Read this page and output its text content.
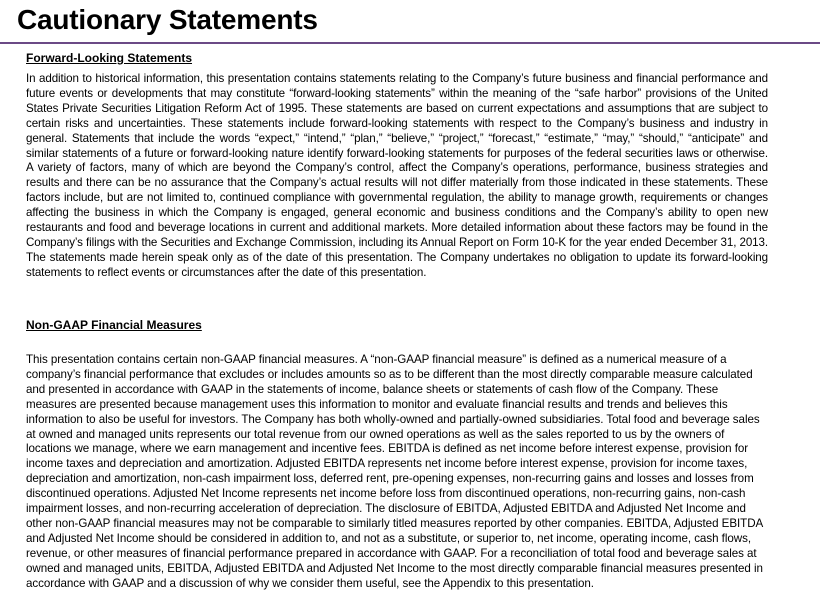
Cautionary Statements
Forward-Looking Statements

In addition to historical information, this presentation contains statements relating to the Company’s future business and financial performance and future events or developments that may constitute “forward-looking statements” within the meaning of the “safe harbor” provisions of the United States Private Securities Litigation Reform Act of 1995. These statements are based on current expectations and assumptions that are subject to certain risks and uncertainties. These statements include forward-looking statements with respect to the Company’s business and industry in general. Statements that include the words “expect,” “intend,” “plan,” “believe,” “project,” “forecast,” “estimate,” “may,” “should,” “anticipate” and similar statements of a future or forward-looking nature identify forward-looking statements for purposes of the federal securities laws or otherwise. A variety of factors, many of which are beyond the Company’s control, affect the Company’s operations, performance, business strategies and results and there can be no assurance that the Company’s actual results will not differ materially from those indicated in these statements. These factors include, but are not limited to, continued compliance with governmental regulation, the ability to manage growth, requirements or changes affecting the business in which the Company is engaged, general economic and business conditions and the Company’s ability to open new restaurants and food and beverage locations in current and additional markets. More detailed information about these factors may be found in the Company’s filings with the Securities and Exchange Commission, including its Annual Report on Form 10-K for the year ended December 31, 2013. The statements made herein speak only as of the date of this presentation. The Company undertakes no obligation to update its forward-looking statements to reflect events or circumstances after the date of this presentation.

Non-GAAP Financial Measures

This presentation contains certain non-GAAP financial measures. A “non-GAAP financial measure” is defined as a numerical measure of a company’s financial performance that excludes or includes amounts so as to be different than the most directly comparable measure calculated and presented in accordance with GAAP in the statements of income, balance sheets or statements of cash flow of the Company. These measures are presented because management uses this information to monitor and evaluate financial results and trends and believes this information to also be useful for investors. The Company has both wholly-owned and partially-owned subsidiaries. Total food and beverage sales at owned and managed units represents our total revenue from our owned operations as well as the sales reported to us by the owners of locations we manage, where we earn management and incentive fees. EBITDA is defined as net income before interest expense, provision for income taxes and depreciation and amortization. Adjusted EBITDA represents net income before interest expense, provision for income taxes, depreciation and amortization, non-cash impairment loss, deferred rent, pre-opening expenses, non-recurring gains and losses and losses from discontinued operations. Adjusted Net Income represents net income before loss from discontinued operations, non-recurring gains, non-cash impairment losses, and non-recurring acceleration of depreciation. The disclosure of EBITDA, Adjusted EBITDA and Adjusted Net Income and other non-GAAP financial measures may not be comparable to similarly titled measures reported by other companies. EBITDA, Adjusted EBITDA and Adjusted Net Income should be considered in addition to, and not as a substitute, or superior to, net income, operating income, cash flows, revenue, or other measures of financial performance prepared in accordance with GAAP. For a reconciliation of total food and beverage sales at owned and managed units, EBITDA, Adjusted EBITDA and Adjusted Net Income to the most directly comparable financial measures presented in accordance with GAAP and a discussion of why we consider them useful, see the Appendix to this presentation.
